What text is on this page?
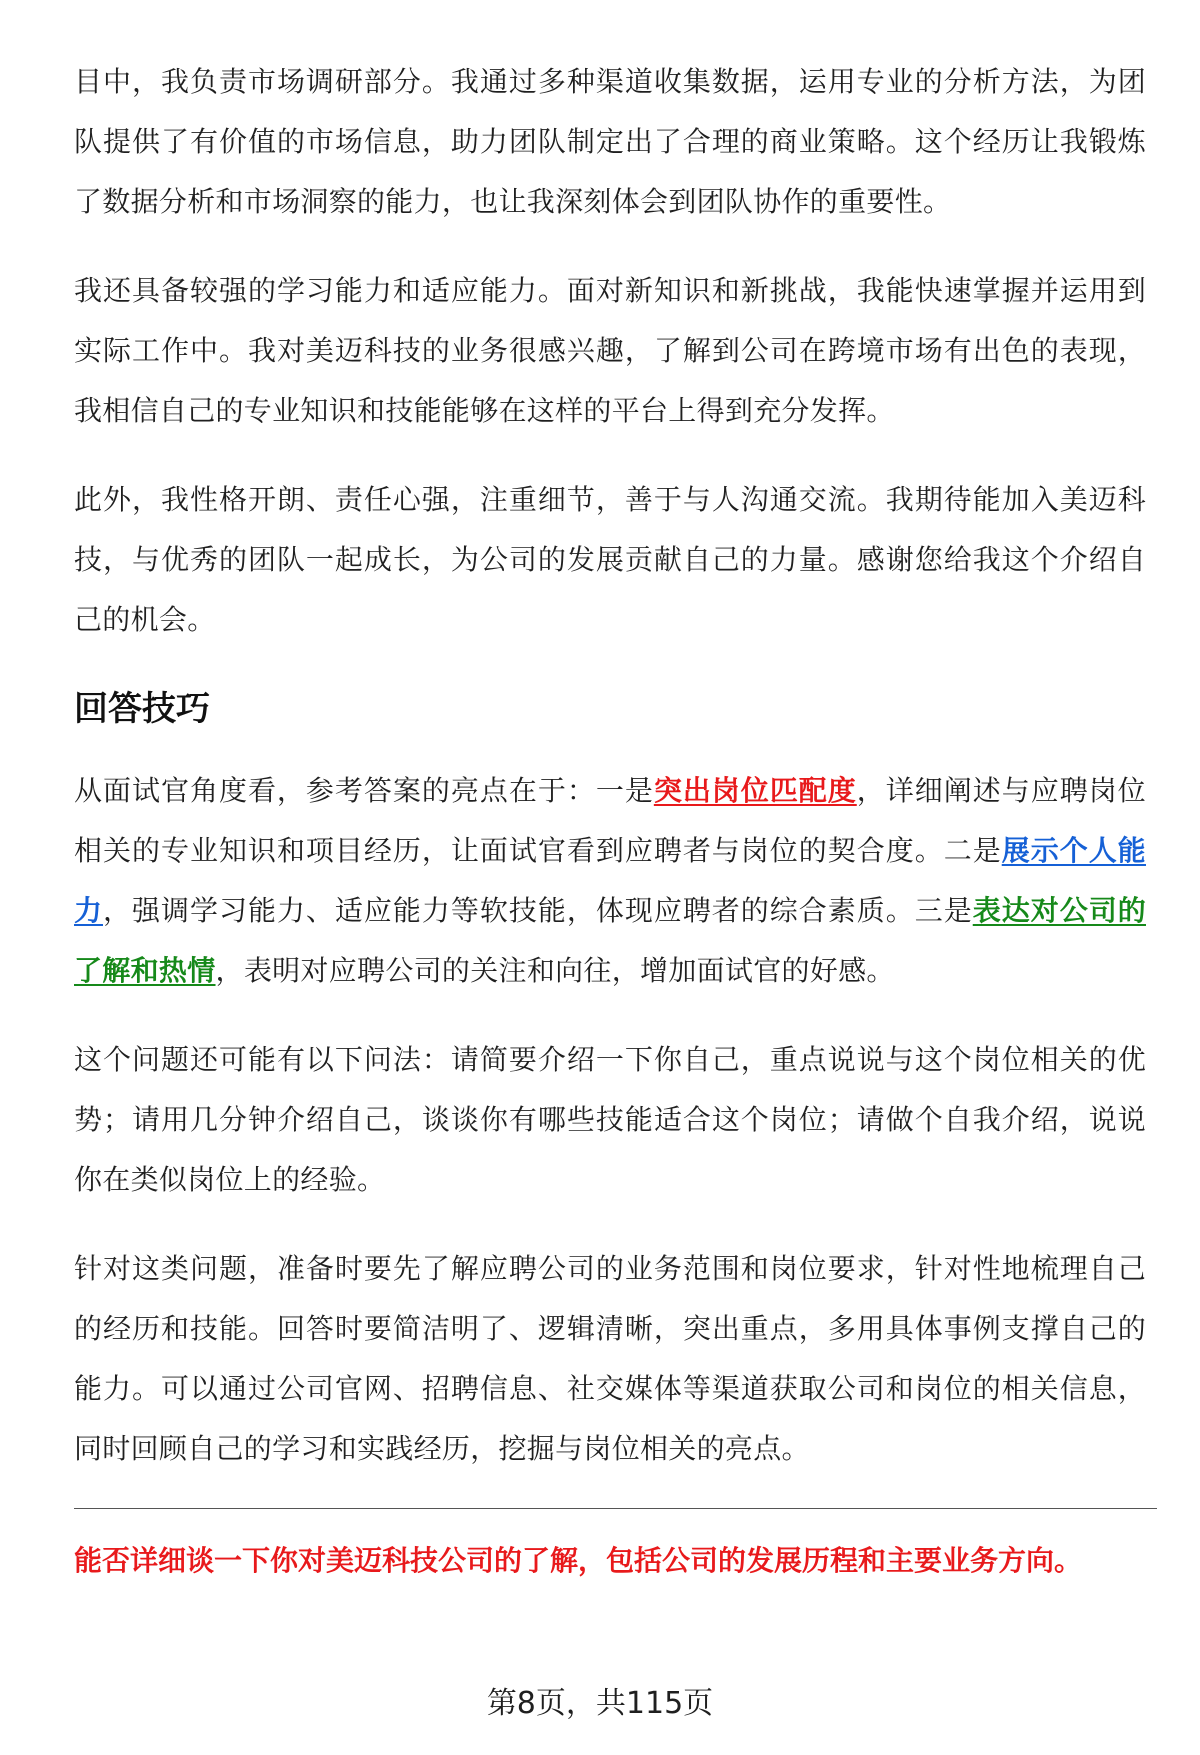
目中，我负责市场调研部分。我通过多种渠道收集数据，运用专业的分析方法，为团队提供了有价值的市场信息，助力团队制定出了合理的商业策略。这个经历让我锻炼了数据分析和市场洞察的能力，也让我深刻体会到团队协作的重要性。

我还具备较强的学习能力和适应能力。面对新知识和新挑战，我能快速掌握并运用到实际工作中。我对美迈科技的业务很感兴趣，了解到公司在跨境市场有出色的表现，我相信自己的专业知识和技能能够在这样的平台上得到充分发挥。

此外，我性格开朗、责任心强，注重细节，善于与人沟通交流。我期待能加入美迈科技，与优秀的团队一起成长，为公司的发展贡献自己的力量。感谢您给我这个介绍自己的机会。

回答技巧

从面试官角度看，参考答案的亮点在于：一是突出岗位匹配度，详细阐述与应聘岗位相关的专业知识和项目经历，让面试官看到应聘者与岗位的契合度。二是展示个人能力，强调学习能力、适应能力等软技能，体现应聘者的综合素质。三是表达对公司的了解和热情，表明对应聘公司的关注和向往，增加面试官的好感。

这个问题还可能有以下问法：请简要介绍一下你自己，重点说说与这个岗位相关的优势；请用几分钟介绍自己，谈谈你有哪些技能适合这个岗位；请做个自我介绍，说说你在类似岗位上的经验。

针对这类问题，准备时要先了解应聘公司的业务范围和岗位要求，针对性地梳理自己的经历和技能。回答时要简洁明了、逻辑清晰，突出重点，多用具体事例支撑自己的能力。可以通过公司官网、招聘信息、社交媒体等渠道获取公司和岗位的相关信息，同时回顾自己的学习和实践经历，挖掘与岗位相关的亮点。

能否详细谈一下你对美迈科技公司的了解，包括公司的发展历程和主要业务方向。
第8页，共115页
